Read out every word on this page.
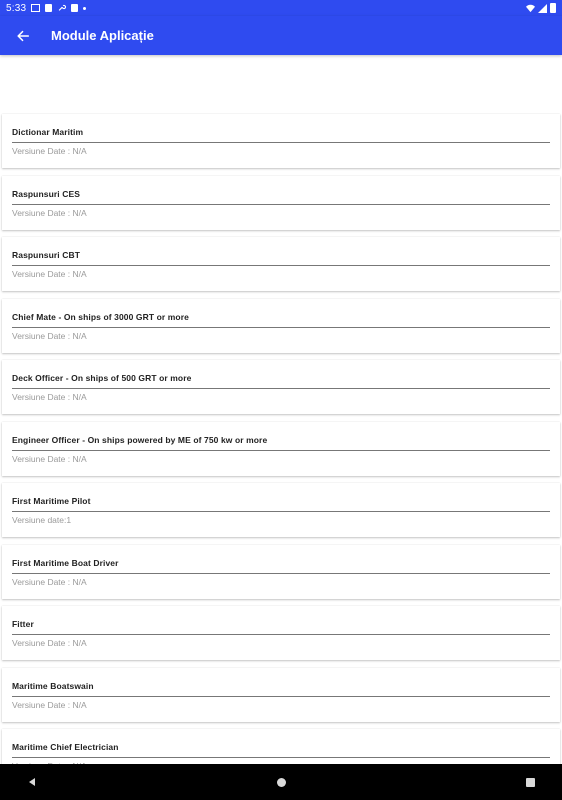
5:33
Module Aplicație
Dictionar Maritim
Versiune Date : N/A
Raspunsuri CES
Versiune Date : N/A
Raspunsuri CBT
Versiune Date : N/A
Chief Mate - On ships of 3000 GRT or more
Versiune Date : N/A
Deck Officer - On ships of 500 GRT or more
Versiune Date : N/A
Engineer Officer - On ships powered by ME of 750 kw or more
Versiune Date : N/A
First Maritime Pilot
Versiune date:1
First Maritime Boat Driver
Versiune Date : N/A
Fitter
Versiune Date : N/A
Maritime Boatswain
Versiune Date : N/A
Maritime Chief Electrician
